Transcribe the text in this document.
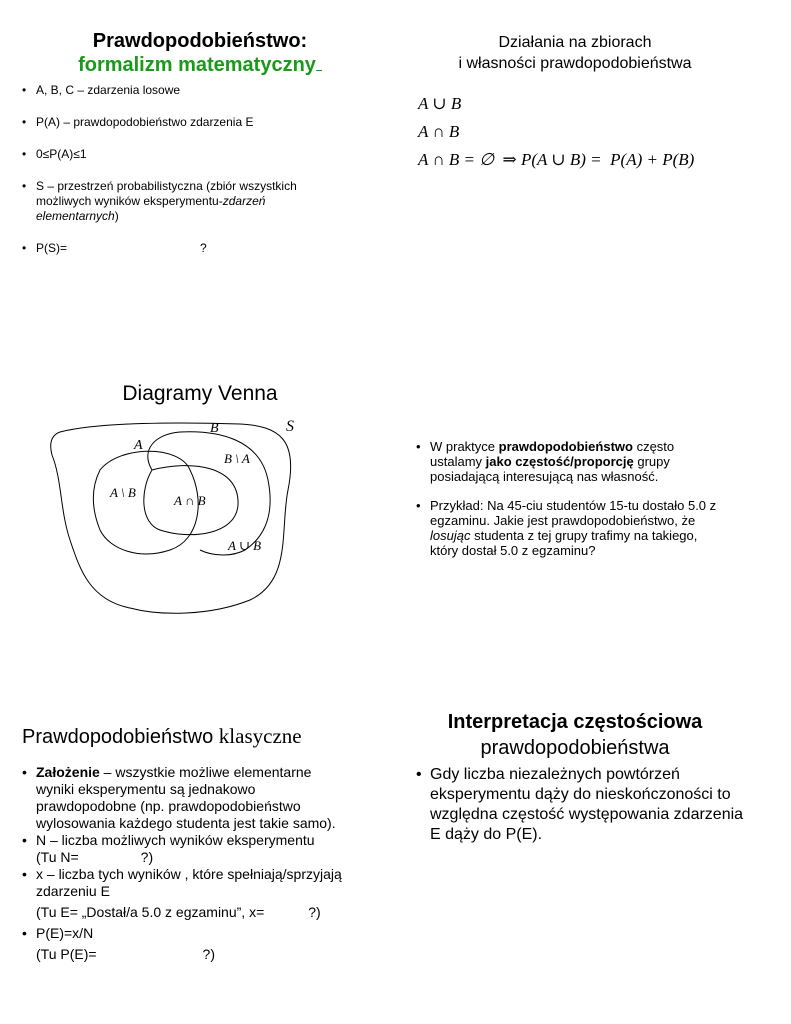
Prawdopodobieństwo:
formalizm matematyczny
• A, B, C – zdarzenia losowe
• P(A) – prawdopodobieństwo zdarzenia E
• 0≤P(A)≤1
• S – przestrzeń probabilistyczna (zbiór wszystkich możliwych wyników eksperymentu-zdarzeń elementarnych)
• P(S)=	?
Działania na zbiorach
i własności prawdopodobieństwa
A ∪ B
A ∩ B
A ∩ B = ∅  ⇒ P(A ∪ B) =  P(A) + P(B)
Diagramy Venna
S
B
A
B \ A
A \ B
A ∩ B
A ∪ B
• W praktyce prawdopodobieństwo często ustalamy jako częstość/proporcję grupy posiadającą interesującą nas własność.
• Przykład: Na 45-ciu studentów 15-tu dostało 5.0 z egzaminu. Jakie jest prawdopodobieństwo, że losując studenta z tej grupy trafimy na takiego, który dostał 5.0 z egzaminu?
Prawdopodobieństwo klasyczne
• Założenie – wszystkie możliwe elementarne wyniki eksperymentu są jednakowo prawdopodobne (np. prawdopodobieństwo wylosowania każdego studenta jest takie samo).
• N – liczba możliwych wyników eksperymentu
(Tu N=	?)
• x – liczba tych wyników , które spełniają/sprzyjają zdarzeniu E
(Tu E= „Dostał/a 5.0 z egzaminu”, x=	?)
• P(E)=x/N
(Tu P(E)=	?)
Interpretacja częstościowa
prawdopodobieństwa
• Gdy liczba niezależnych powtórzeń eksperymentu dąży do nieskończoności to względna częstość występowania zdarzenia E dąży do P(E).
